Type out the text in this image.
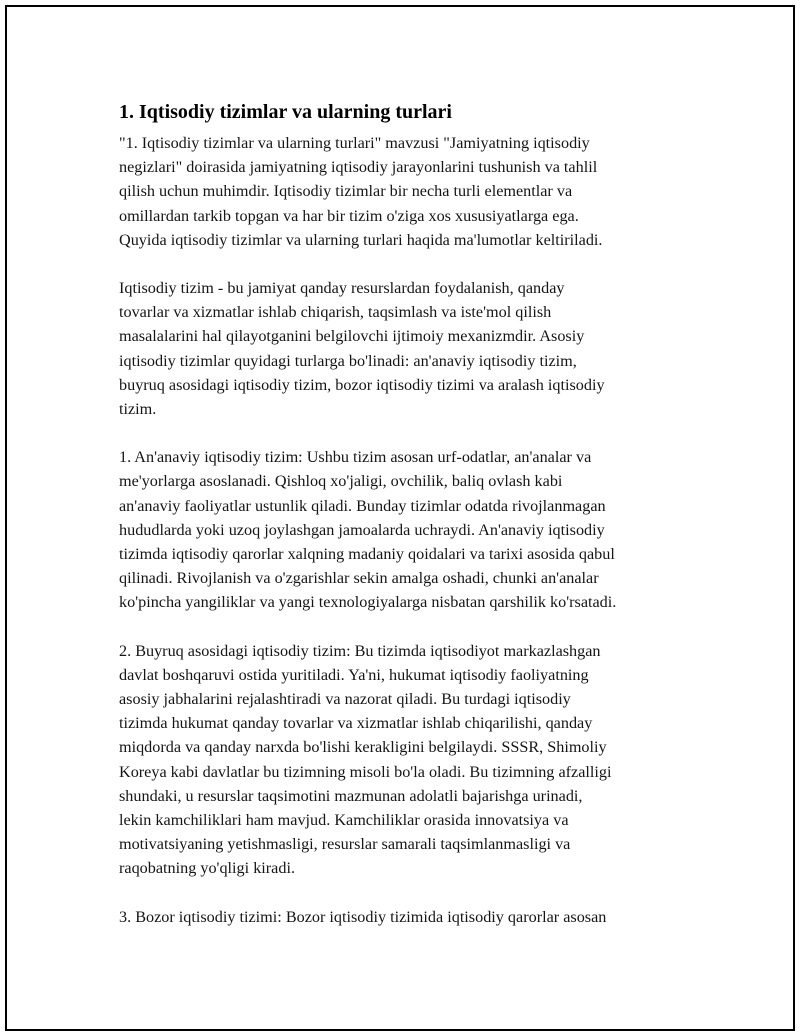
1. Iqtisodiy tizimlar va ularning turlari

"1. Iqtisodiy tizimlar va ularning turlari" mavzusi "Jamiyatning iqtisodiy
negizlari" doirasida jamiyatning iqtisodiy jarayonlarini tushunish va tahlil
qilish uchun muhimdir. Iqtisodiy tizimlar bir necha turli elementlar va
omillardan tarkib topgan va har bir tizim o'ziga xos xususiyatlarga ega.
Quyida iqtisodiy tizimlar va ularning turlari haqida ma'lumotlar keltiriladi.

Iqtisodiy tizim - bu jamiyat qanday resurslardan foydalanish, qanday
tovarlar va xizmatlar ishlab chiqarish, taqsimlash va iste'mol qilish
masalalarini hal qilayotganini belgilovchi ijtimoiy mexanizmdir. Asosiy
iqtisodiy tizimlar quyidagi turlarga bo'linadi: an'anaviy iqtisodiy tizim,
buyruq asosidagi iqtisodiy tizim, bozor iqtisodiy tizimi va aralash iqtisodiy
tizim.

1. An'anaviy iqtisodiy tizim: Ushbu tizim asosan urf-odatlar, an'analar va
me'yorlarga asoslanadi. Qishloq xo'jaligi, ovchilik, baliq ovlash kabi
an'anaviy faoliyatlar ustunlik qiladi. Bunday tizimlar odatda rivojlanmagan
hududlarda yoki uzoq joylashgan jamoalarda uchraydi. An'anaviy iqtisodiy
tizimda iqtisodiy qarorlar xalqning madaniy qoidalari va tarixi asosida qabul
qilinadi. Rivojlanish va o'zgarishlar sekin amalga oshadi, chunki an'analar
ko'pincha yangiliklar va yangi texnologiyalarga nisbatan qarshilik ko'rsatadi.

2. Buyruq asosidagi iqtisodiy tizim: Bu tizimda iqtisodiyot markazlashgan
davlat boshqaruvi ostida yuritiladi. Ya'ni, hukumat iqtisodiy faoliyatning
asosiy jabhalarini rejalashtiradi va nazorat qiladi. Bu turdagi iqtisodiy
tizimda hukumat qanday tovarlar va xizmatlar ishlab chiqarilishi, qanday
miqdorda va qanday narxda bo'lishi kerakligini belgilaydi. SSSR, Shimoliy
Koreya kabi davlatlar bu tizimning misoli bo'la oladi. Bu tizimning afzalligi
shundaki, u resurslar taqsimotini mazmunan adolatli bajarishga urinadi,
lekin kamchiliklari ham mavjud. Kamchiliklar orasida innovatsiya va
motivatsiyaning yetishmasligi, resurslar samarali taqsimlanmasligi va
raqobatning yo'qligi kiradi.

3. Bozor iqtisodiy tizimi: Bozor iqtisodiy tizimida iqtisodiy qarorlar asosan
